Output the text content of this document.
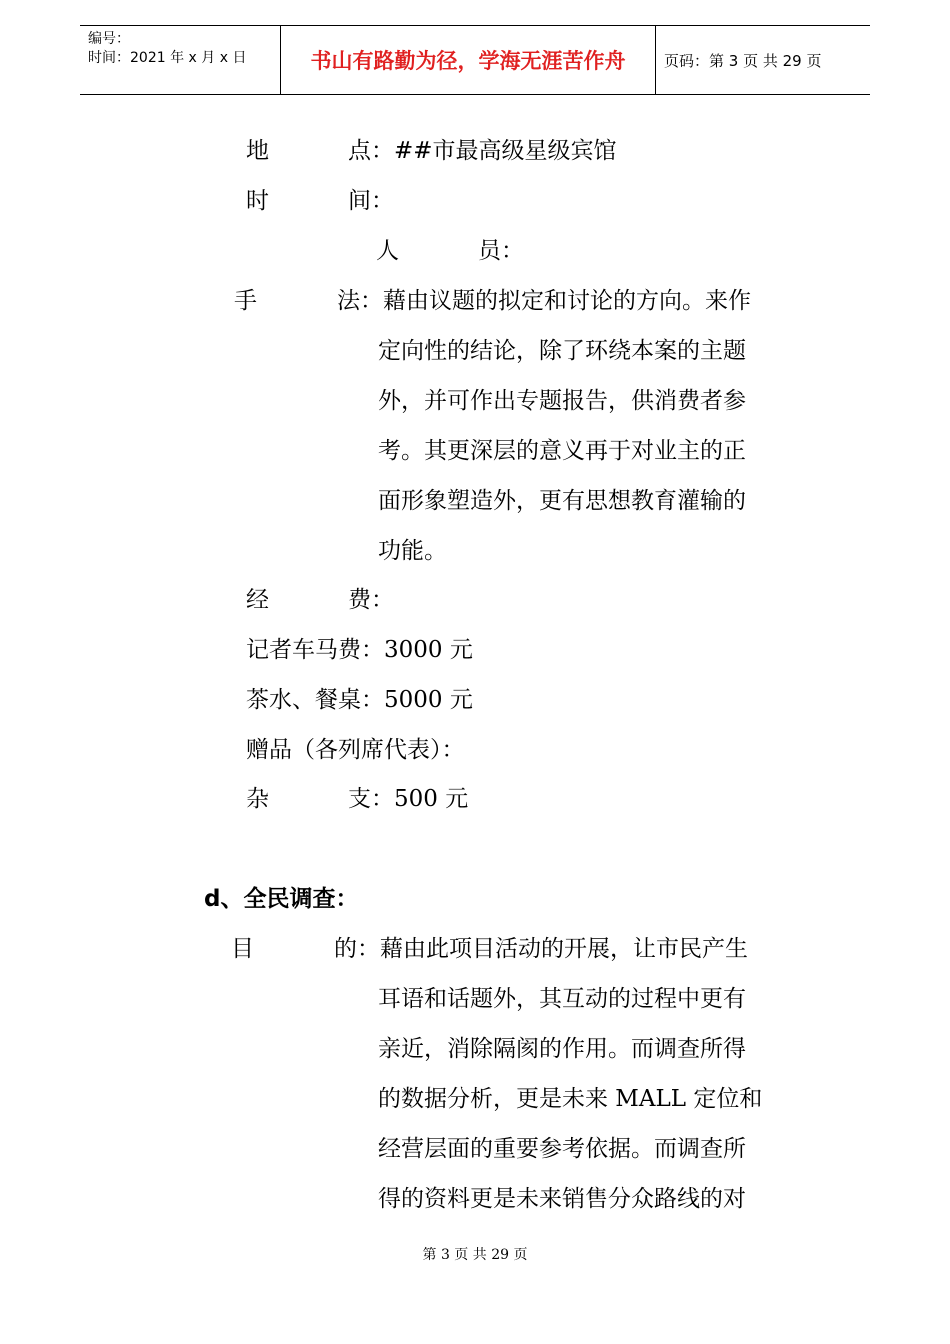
编号：
时间：2021 年 x 月 x 日	书山有路勤为径，学海无涯苦作舟	页码：第 3 页 共 29 页
地	点：##市最高级星级宾馆
时	间：
人	员：
手	法：藉由议题的拟定和讨论的方向。来作
定向性的结论，除了环绕本案的主题
外，并可作出专题报告，供消费者参
考。其更深层的意义再于对业主的正
面形象塑造外，更有思想教育灌输的
功能。
经	费：
记者车马费：3000 元
茶水、餐桌：5000 元
赠品（各列席代表）：
杂	支：500 元
d、全民调查：
目	的：藉由此项目活动的开展，让市民产生
耳语和话题外，其互动的过程中更有
亲近，消除隔阂的作用。而调查所得
的数据分析，更是未来 MALL 定位和
经营层面的重要参考依据。而调查所
得的资料更是未来销售分众路线的对
第 3 页 共 29 页
